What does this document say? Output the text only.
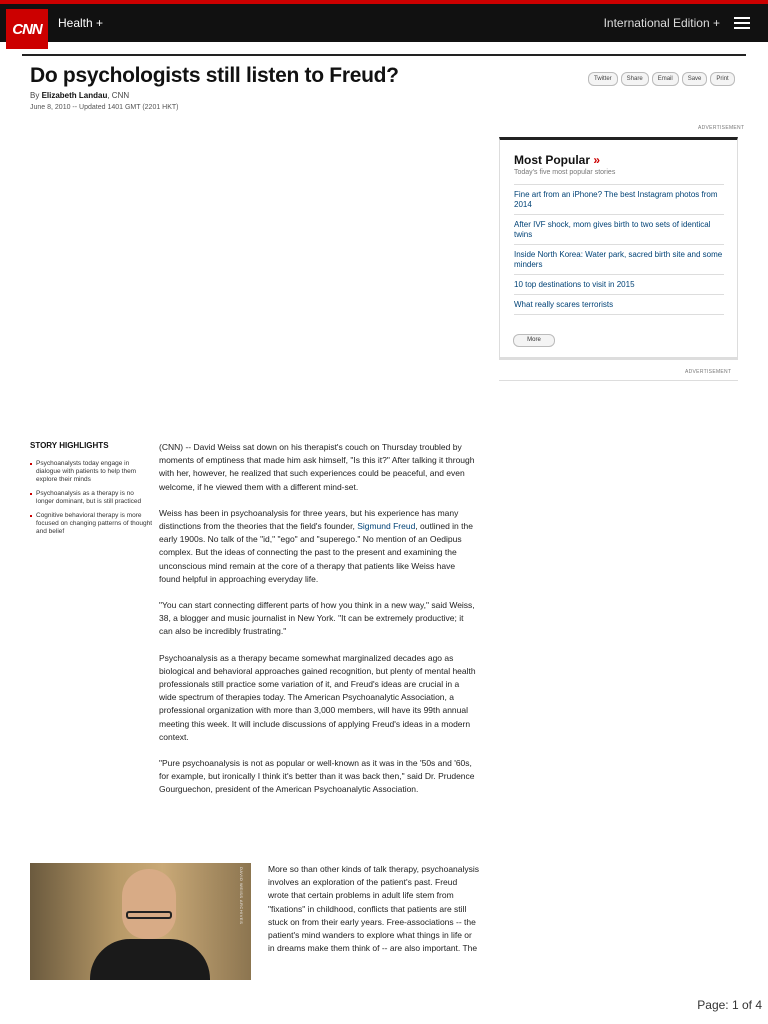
CNN	Health +	International Edition +
Do psychologists still listen to Freud?
By Elizabeth Landau, CNN
June 8, 2010 -- Updated 1401 GMT (2201 HKT)
Twitter	Share	Email	Save	Print
ADVERTISEMENT
Most Popular »
Today's five most popular stories
Fine art from an iPhone? The best Instagram photos from 2014
After IVF shock, mom gives birth to two sets of identical twins
Inside North Korea: Water park, sacred birth site and some minders
10 top destinations to visit in 2015
What really scares terrorists
More
ADVERTISEMENT
STORY HIGHLIGHTS
Psychoanalysts today engage in dialogue with patients to help them explore their minds
Psychoanalysis as a therapy is no longer dominant, but is still practiced
Cognitive behavioral therapy is more focused on changing patterns of thought and belief

(CNN) -- David Weiss sat down on his therapist's couch on Thursday troubled by moments of emptiness that made him ask himself, "Is this it?" After talking it through with her, however, he realized that such experiences could be peaceful, and even welcome, if he viewed them with a different mind-set.

Weiss has been in psychoanalysis for three years, but his experience has many distinctions from the theories that the field's founder, Sigmund Freud, outlined in the early 1900s. No talk of the "id," "ego" and "superego." No mention of an Oedipus complex. But the ideas of connecting the past to the present and examining the unconscious mind remain at the core of a therapy that patients like Weiss have found helpful in approaching everyday life.

"You can start connecting different parts of how you think in a new way," said Weiss, 38, a blogger and music journalist in New York. "It can be extremely productive; it can also be incredibly frustrating."

Psychoanalysis as a therapy became somewhat marginalized decades ago as biological and behavioral approaches gained recognition, but plenty of mental health professionals still practice some variation of it, and Freud's ideas are crucial in a wide spectrum of therapies today. The American Psychoanalytic Association, a professional organization with more than 3,000 members, will have its 99th annual meeting this week. It will include discussions of applying Freud's ideas in a modern context.

"Pure psychoanalysis is not as popular or well-known as it was in the '50s and '60s, for example, but ironically I think it's better than it was back then," said Dr. Prudence Gourguechon, president of the American Psychoanalytic Association.

DAVID WEISS ARCHIVES	More so than other kinds of talk therapy, psychoanalysis involves an exploration of the patient's past. Freud wrote that certain problems in adult life stem from "fixations" in childhood, conflicts that patients are still stuck on from their early years. Free-associations -- the patient's mind wanders to explore what things in life or in dreams make them think of -- are also important. The

Page: 1 of 4
